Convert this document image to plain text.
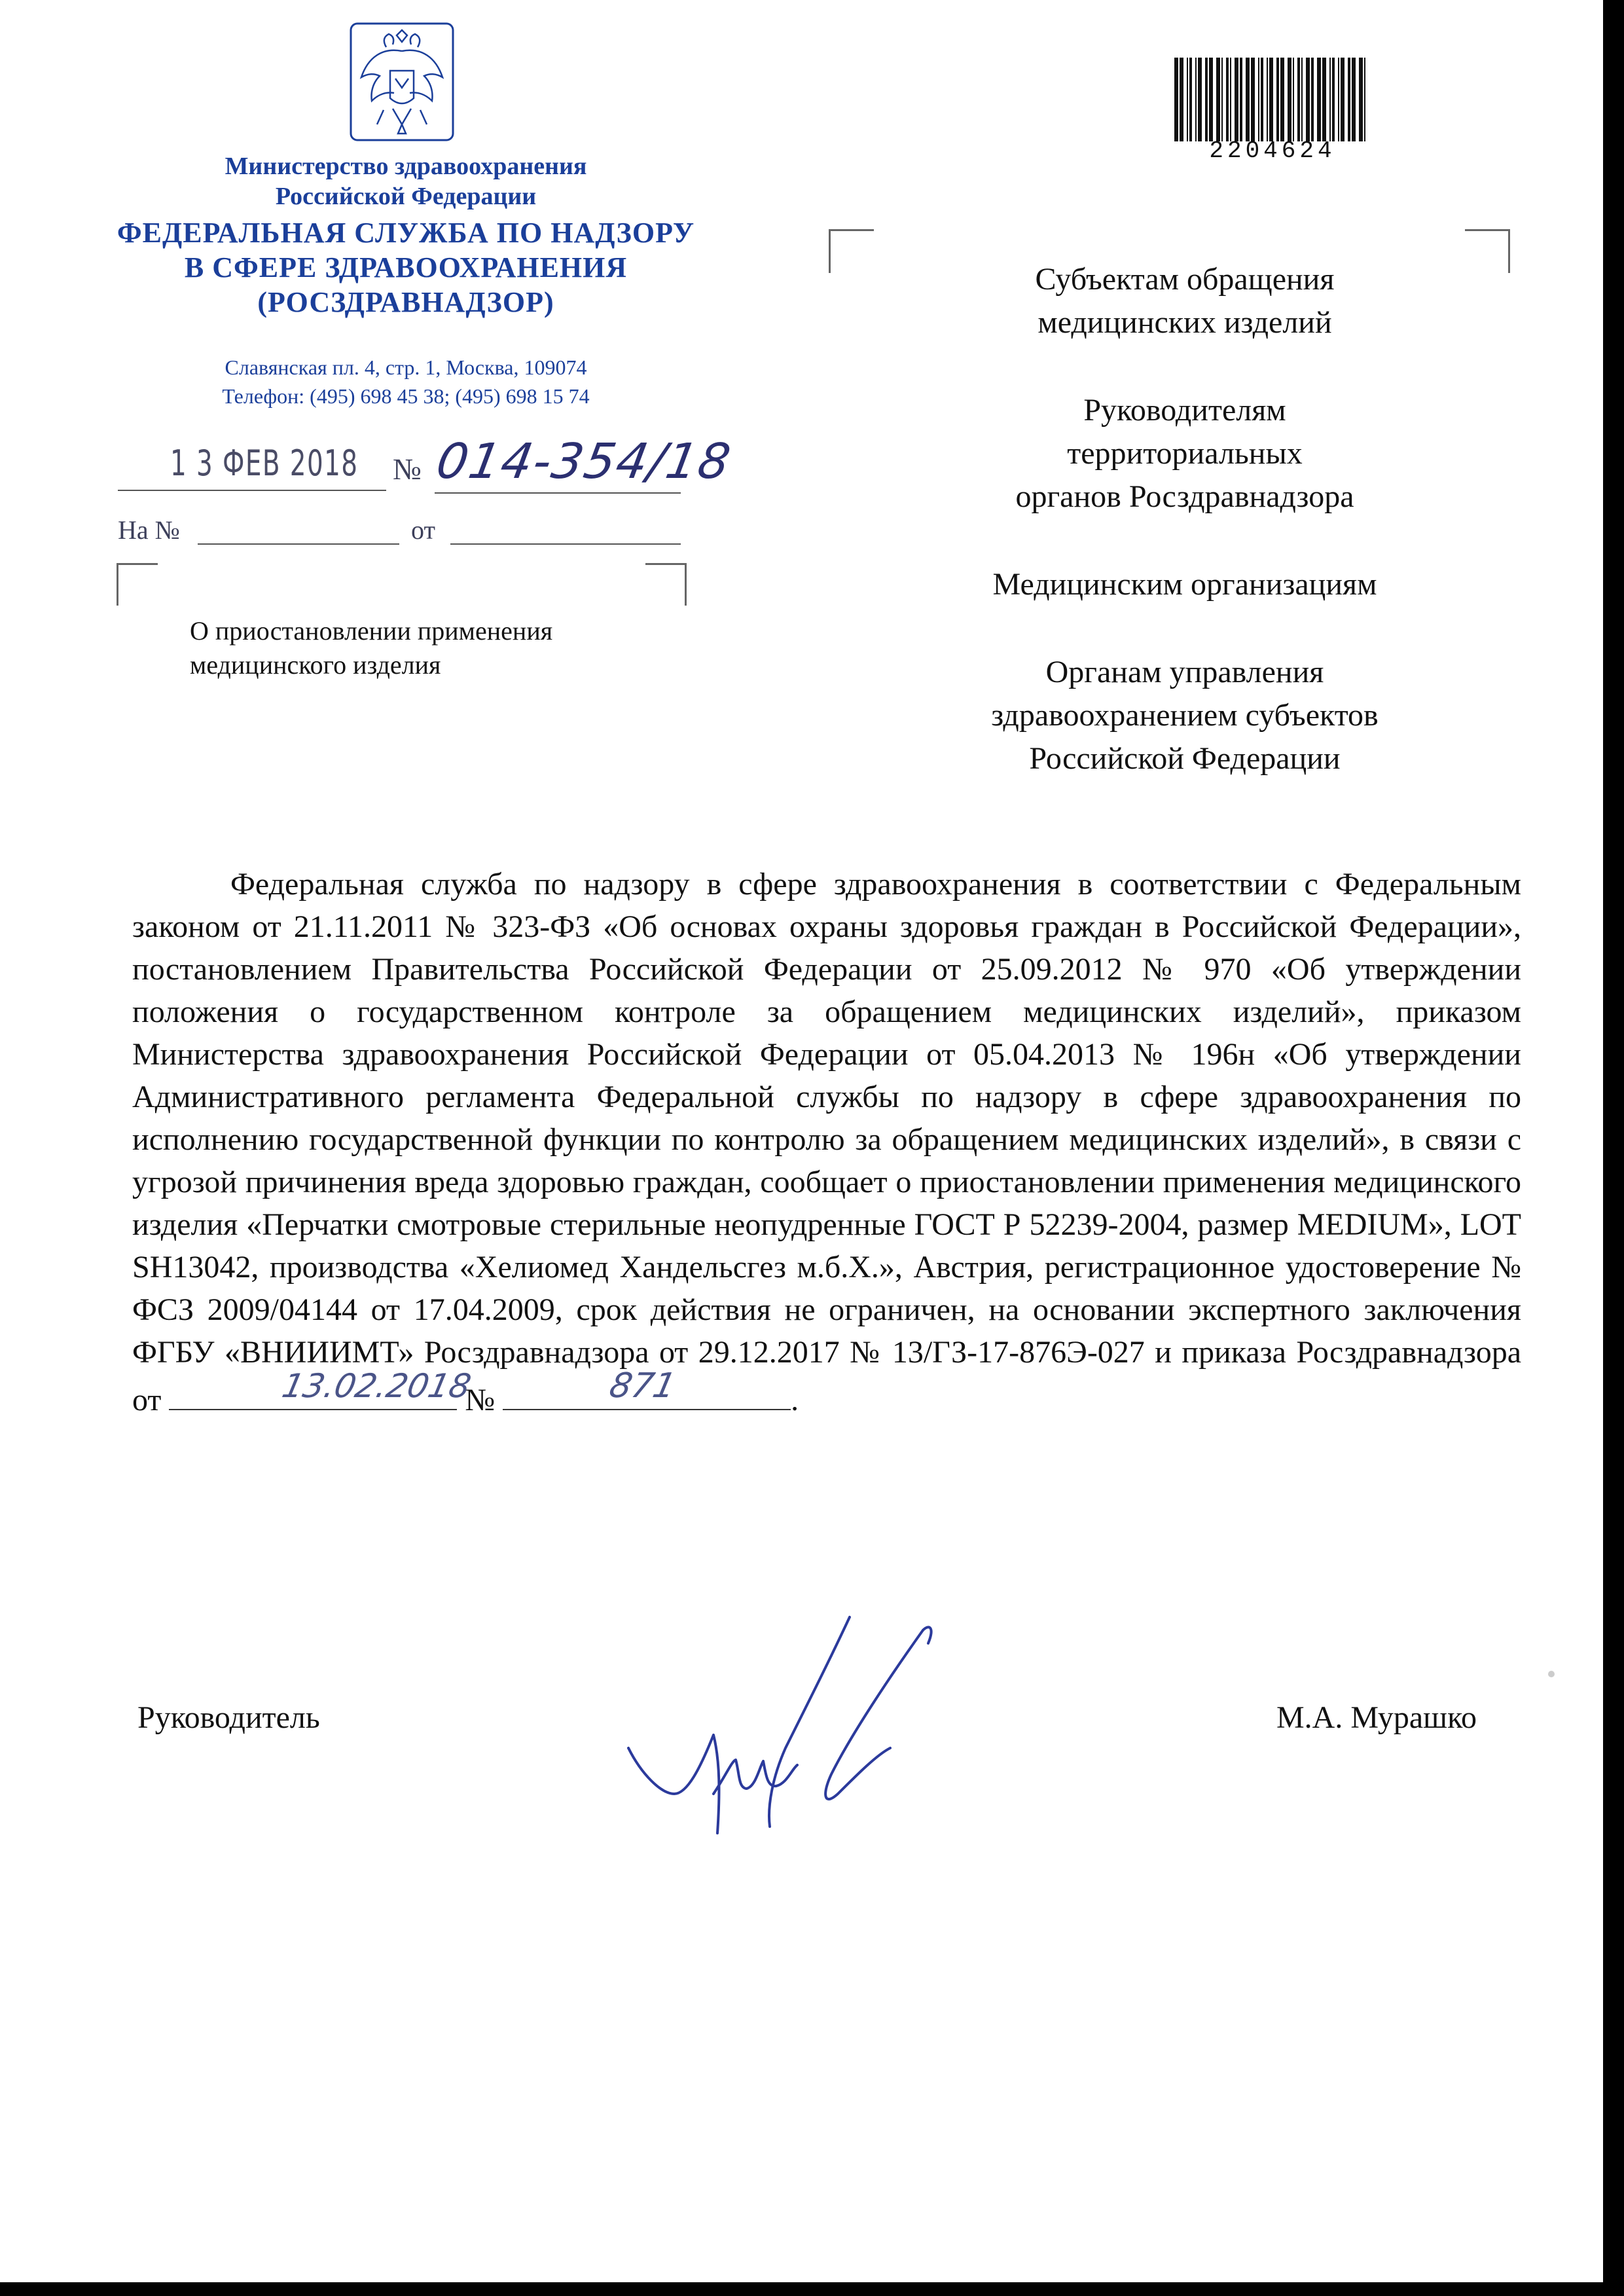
Министерство здравоохранения
Российской Федерации
ФЕДЕРАЛЬНАЯ СЛУЖБА ПО НАДЗОРУ
В СФЕРЕ ЗДРАВООХРАНЕНИЯ
(РОСЗДРАВНАДЗОР)
Славянская пл. 4, стр. 1, Москва, 109074
Телефон: (495) 698 45 38; (495) 698 15 74
1 3 ФЕВ 2018 № 014-354/18
На №	от
О приостановлении применения
медицинского изделия
2204624
Субъектам обращения
медицинских изделий
Руководителям
территориальных
органов Росздравнадзора
Медицинским организациям
Органам управления
здравоохранением субъектов
Российской Федерации

Федеральная служба по надзору в сфере здравоохранения в соответствии с Федеральным законом от 21.11.2011 № 323-ФЗ «Об основах охраны здоровья граждан в Российской Федерации», постановлением Правительства Российской Федерации от 25.09.2012 № 970 «Об утверждении положения о государственном контроле за обращением медицинских изделий», приказом Министерства здравоохранения Российской Федерации от 05.04.2013 № 196н «Об утверждении Административного регламента Федеральной службы по надзору в сфере здравоохранения по исполнению государственной функции по контролю за обращением медицинских изделий», в связи с угрозой причинения вреда здоровью граждан, сообщает о приостановлении применения медицинского изделия «Перчатки смотровые стерильные неопудренные ГОСТ Р 52239-2004, размер MEDIUM», LOT SH13042, производства «Хелиомед Хандельсгез м.б.Х.», Австрия, регистрационное удостоверение № ФСЗ 2009/04144 от 17.04.2009, срок действия не ограничен, на основании экспертного заключения ФГБУ «ВНИИИМТ» Росздравнадзора от 29.12.2017 № 13/ГЗ-17-876Э-027 и приказа Росздравнадзора от	13.02.2018
№	871	.

Руководитель	М.А. Мурашко
